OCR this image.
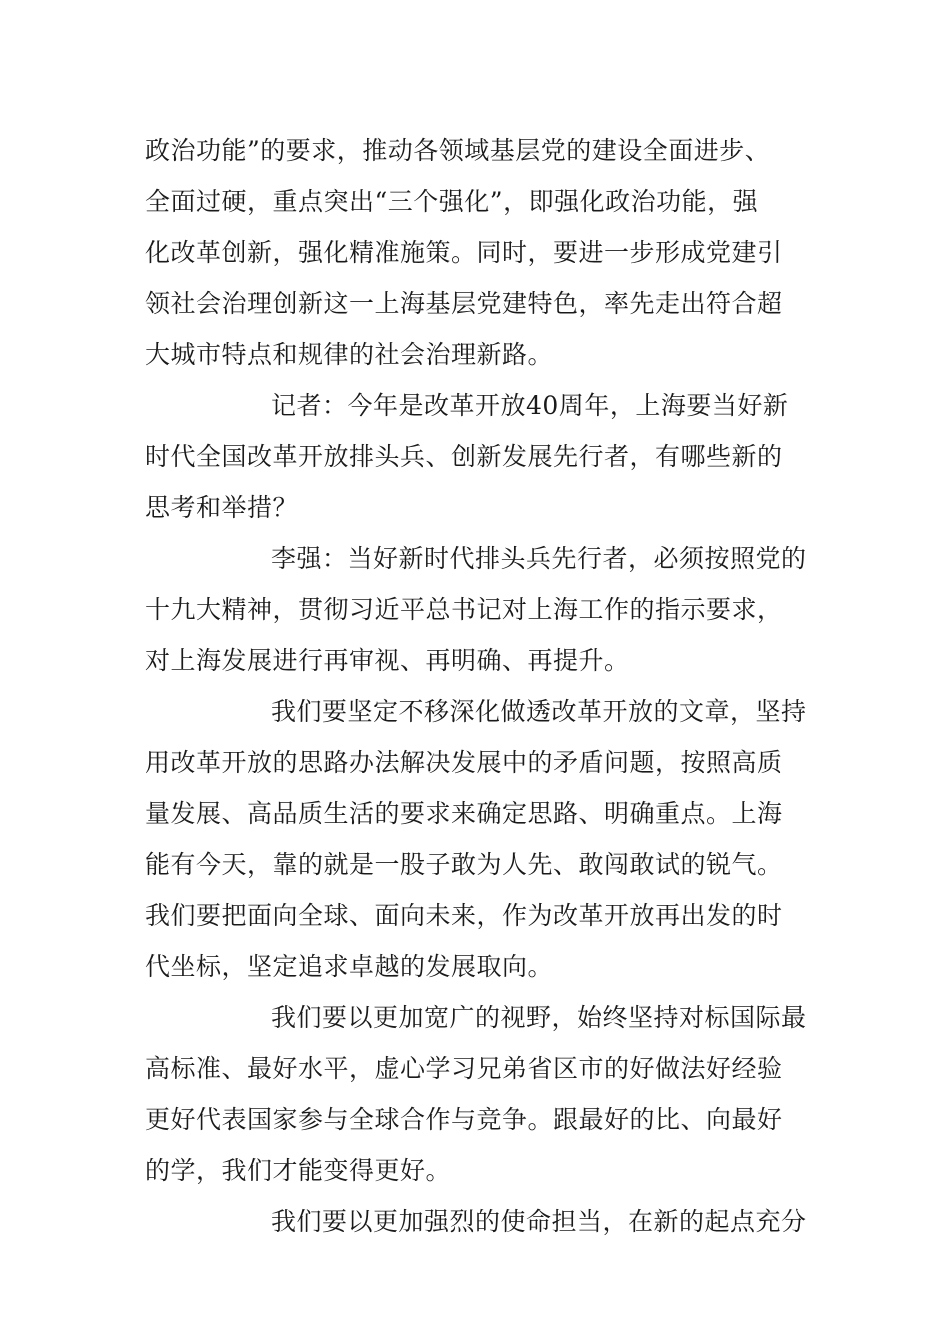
政治功能”的要求，推动各领域基层党的建设全面进步、
全面过硬，重点突出“三个强化”，即强化政治功能，强
化改革创新，强化精准施策。同时，要进一步形成党建引
领社会治理创新这一上海基层党建特色，率先走出符合超
大城市特点和规律的社会治理新路。
记者：今年是改革开放40周年，上海要当好新
时代全国改革开放排头兵、创新发展先行者，有哪些新的
思考和举措？
李强：当好新时代排头兵先行者，必须按照党的
十九大精神，贯彻习近平总书记对上海工作的指示要求，
对上海发展进行再审视、再明确、再提升。
我们要坚定不移深化做透改革开放的文章，坚持
用改革开放的思路办法解决发展中的矛盾问题，按照高质
量发展、高品质生活的要求来确定思路、明确重点。上海
能有今天，靠的就是一股子敢为人先、敢闯敢试的锐气。
我们要把面向全球、面向未来，作为改革开放再出发的时
代坐标，坚定追求卓越的发展取向。
我们要以更加宽广的视野，始终坚持对标国际最
高标准、最好水平，虚心学习兄弟省区市的好做法好经验
更好代表国家参与全球合作与竞争。跟最好的比、向最好
的学，我们才能变得更好。
我们要以更加强烈的使命担当，在新的起点充分
